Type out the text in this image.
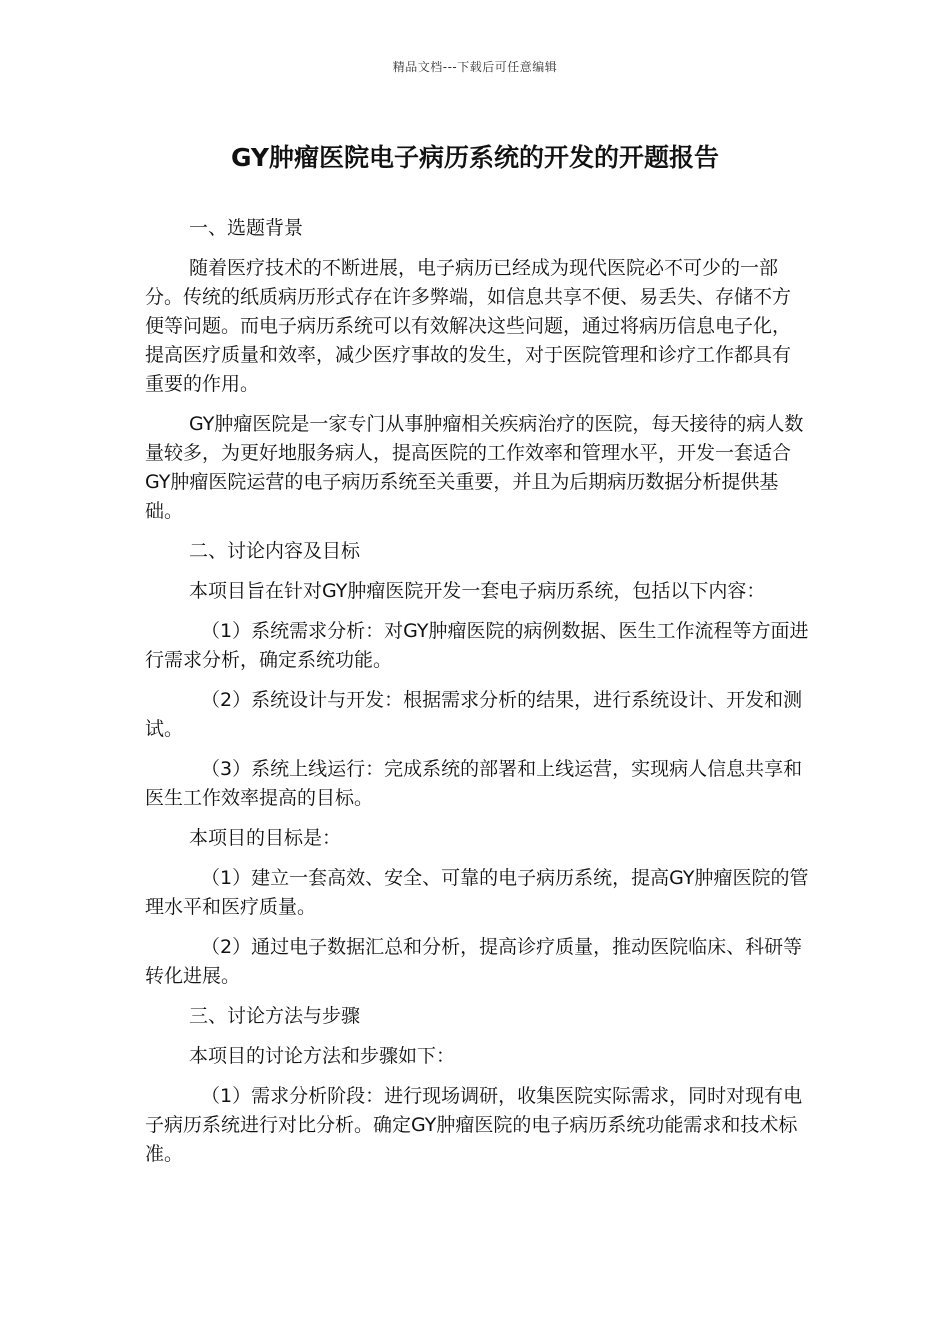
精品文档---下载后可任意编辑
GY肿瘤医院电子病历系统的开发的开题报告

一、选题背景

随着医疗技术的不断进展，电子病历已经成为现代医院必不可少的一部分。传统的纸质病历形式存在许多弊端，如信息共享不便、易丢失、存储不方便等问题。而电子病历系统可以有效解决这些问题，通过将病历信息电子化，提高医疗质量和效率，减少医疗事故的发生，对于医院管理和诊疗工作都具有重要的作用。

GY肿瘤医院是一家专门从事肿瘤相关疾病治疗的医院，每天接待的病人数量较多，为更好地服务病人，提高医院的工作效率和管理水平，开发一套适合GY肿瘤医院运营的电子病历系统至关重要，并且为后期病历数据分析提供基础。

二、讨论内容及目标

本项目旨在针对GY肿瘤医院开发一套电子病历系统，包括以下内容：

（1）系统需求分析：对GY肿瘤医院的病例数据、医生工作流程等方面进行需求分析，确定系统功能。

（2）系统设计与开发：根据需求分析的结果，进行系统设计、开发和测试。

（3）系统上线运行：完成系统的部署和上线运营，实现病人信息共享和医生工作效率提高的目标。

本项目的目标是：

（1）建立一套高效、安全、可靠的电子病历系统，提高GY肿瘤医院的管理水平和医疗质量。

（2）通过电子数据汇总和分析，提高诊疗质量，推动医院临床、科研等转化进展。

三、讨论方法与步骤

本项目的讨论方法和步骤如下：

（1）需求分析阶段：进行现场调研，收集医院实际需求，同时对现有电子病历系统进行对比分析。确定GY肿瘤医院的电子病历系统功能需求和技术标准。
